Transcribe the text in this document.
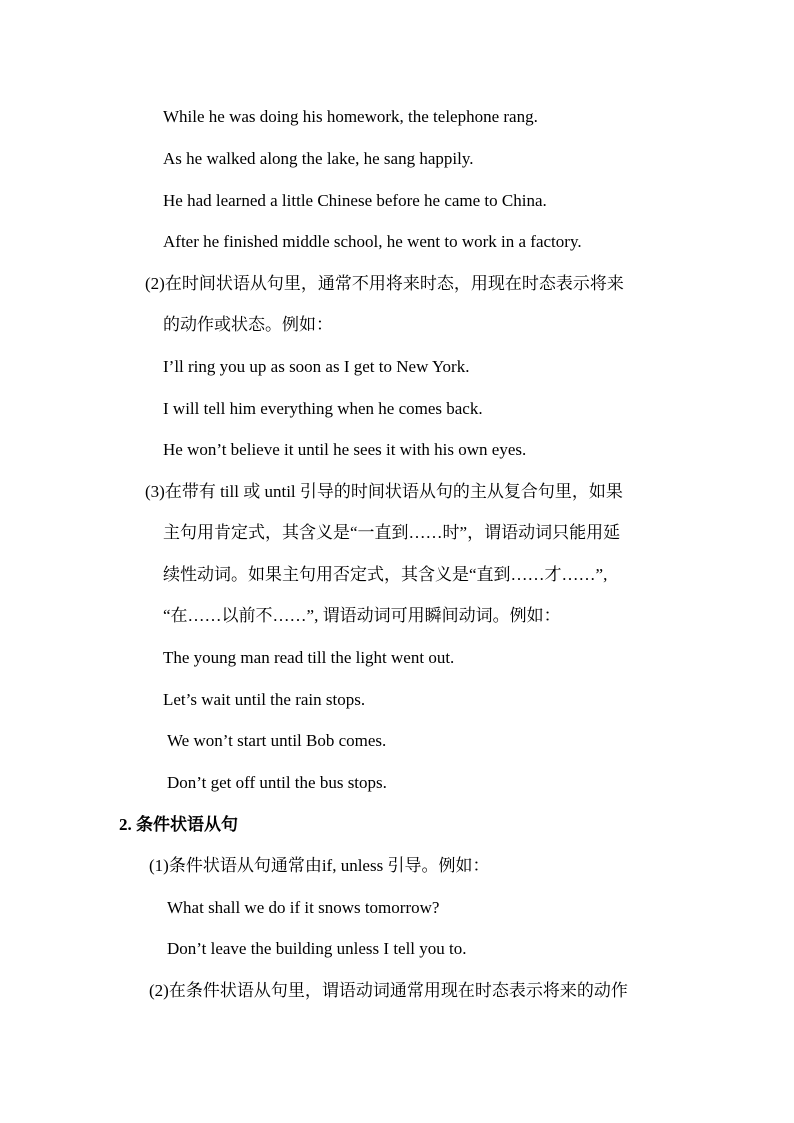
While he was doing his homework, the telephone rang.
As he walked along the lake, he sang happily.
He had learned a little Chinese before he came to China.
After he finished middle school, he went to work in a factory.
(2)在时间状语从句里，通常不用将来时态，用现在时态表示将来
的动作或状态。例如：
I’ll ring you up as soon as I get to New York.
I will tell him everything when he comes back.
He won’t believe it until he sees it with his own eyes.
(3)在带有 till 或 until 引导的时间状语从句的主从复合句里，如果
主句用肯定式，其含义是“一直到……时”，谓语动词只能用延
续性动词。如果主句用否定式，其含义是“直到……才……”,
“在……以前不……”, 谓语动词可用瞬间动词。例如：
The young man read till the light went out.
Let’s wait until the rain stops.
We won’t start until Bob comes.
Don’t get off until the bus stops.
2. 条件状语从句
(1)条件状语从句通常由if, unless 引导。例如：
What shall we do if it snows tomorrow?
Don’t leave the building unless I tell you to.
(2)在条件状语从句里，谓语动词通常用现在时态表示将来的动作
